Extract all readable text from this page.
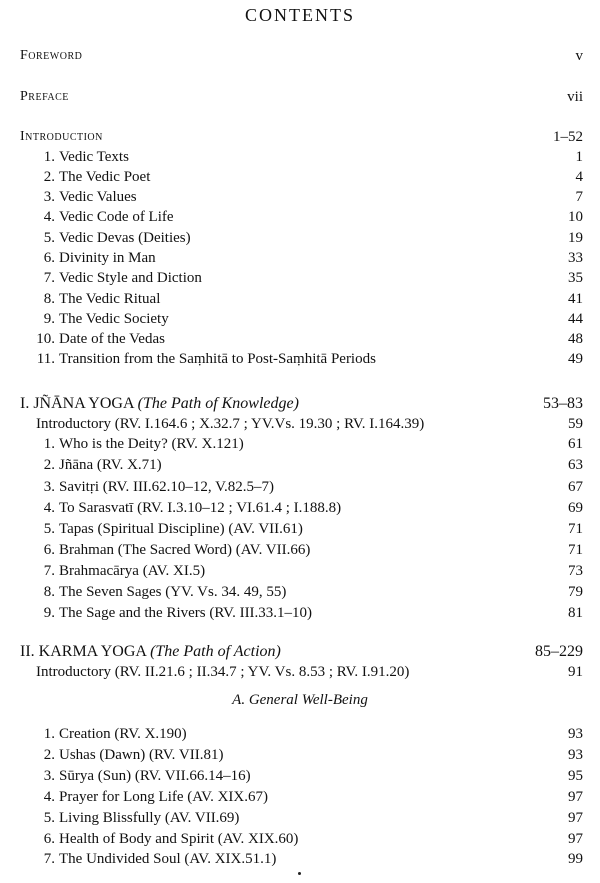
CONTENTS
Foreword	v
Preface	vii
Introduction	1–52
1. Vedic Texts	1
2. The Vedic Poet	4
3. Vedic Values	7
4. Vedic Code of Life	10
5. Vedic Devas (Deities)	19
6. Divinity in Man	33
7. Vedic Style and Diction	35
8. The Vedic Ritual	41
9. The Vedic Society	44
10. Date of the Vedas	48
11. Transition from the Saṃhitā to Post-Saṃhitā Periods	49
I. JÑĀNA YOGA (The Path of Knowledge)	53–83
Introductory (RV. I.164.6 ; X.32.7 ; YV.Vs. 19.30 ; RV. I.164.39)	59
1. Who is the Deity? (RV. X.121)	61
2. Jñāna (RV. X.71)	63
3. Savitṛi (RV. III.62.10–12, V.82.5–7)	67
4. To Sarasvatī (RV. I.3.10–12 ; VI.61.4 ; I.188.8)	69
5. Tapas (Spiritual Discipline) (AV. VII.61)	71
6. Brahman (The Sacred Word) (AV. VII.66)	71
7. Brahmacārya (AV. XI.5)	73
8. The Seven Sages (YV. Vs. 34. 49, 55)	79
9. The Sage and the Rivers (RV. III.33.1–10)	81
II. KARMA YOGA (The Path of Action)	85–229
Introductory (RV. II.21.6 ; II.34.7 ; YV. Vs. 8.53 ; RV. I.91.20)	91
A. General Well-Being
1. Creation (RV. X.190)	93
2. Ushas (Dawn) (RV. VII.81)	93
3. Sūrya (Sun) (RV. VII.66.14–16)	95
4. Prayer for Long Life (AV. XIX.67)	97
5. Living Blissfully (AV. VII.69)	97
6. Health of Body and Spirit (AV. XIX.60)	97
7. The Undivided Soul (AV. XIX.51.1)	99
